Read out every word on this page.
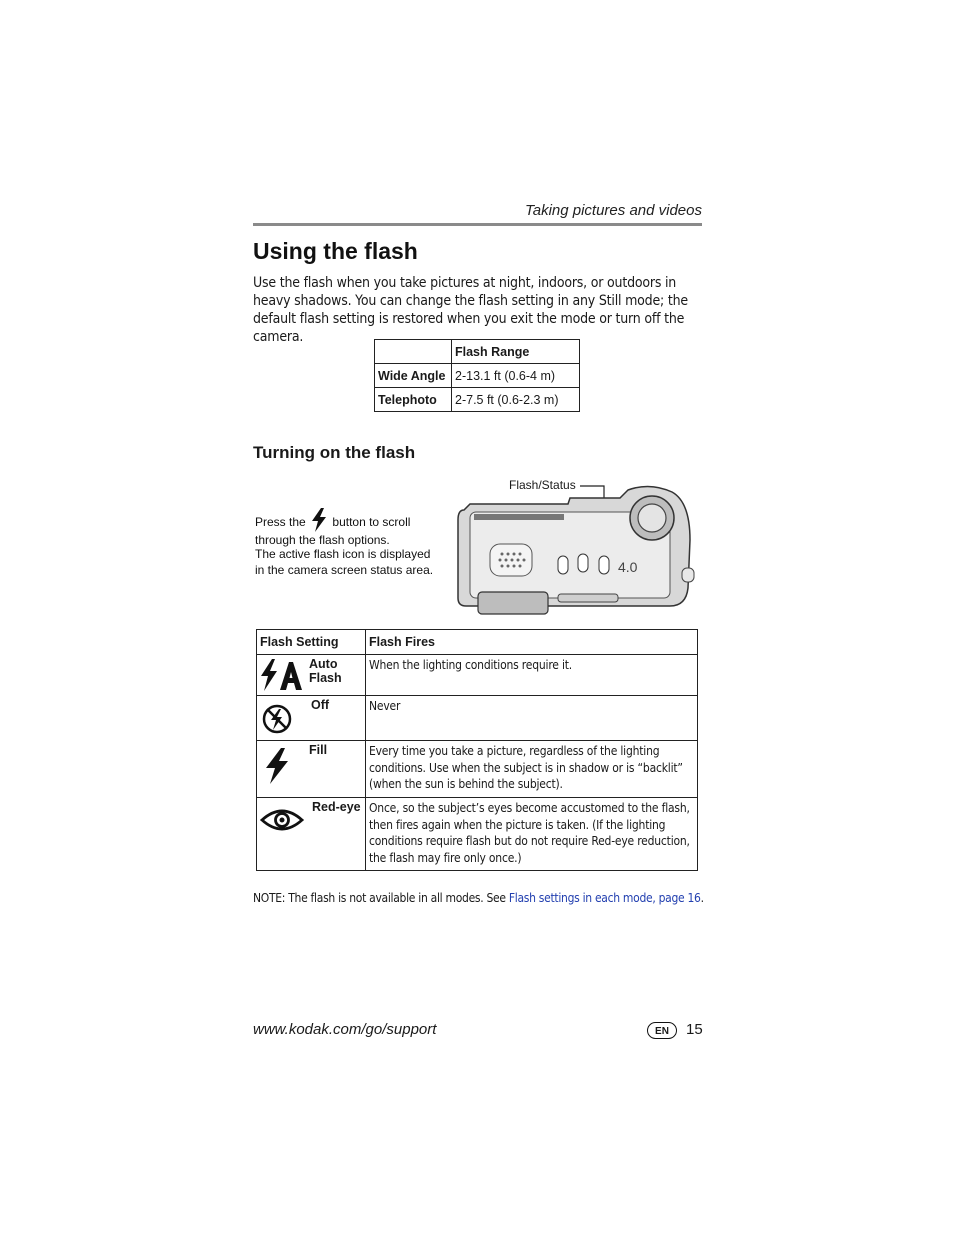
Taking pictures and videos
Using the flash

Use the flash when you take pictures at night, indoors, or outdoors in heavy shadows. You can change the flash setting in any Still mode; the default flash setting is restored when you exit the mode or turn off the camera.

	Flash Range
Wide Angle	2-13.1 ft (0.6-4 m)
Telephoto	2-7.5 ft (0.6-2.3 m)
Turning on the flash
Press the button to scroll
through the flash options.
The active flash icon is displayed
in the camera screen status area.
Flash/Status
4.0
Flash Setting	Flash Fires

Auto
Flash	When the lighting conditions require it.

Off	Never

Fill	Every time you take a picture, regardless of the lighting conditions. Use when the subject is in shadow or is “backlit” (when the sun is behind the subject).

Red-eye	Once, so the subject’s eyes become accustomed to the flash, then fires again when the picture is taken. (If the lighting conditions require flash but do not require Red-eye reduction, the flash may fire only once.)
NOTE: The flash is not available in all modes. See Flash settings in each mode, page 16.
www.kodak.com/go/support	EN	15
